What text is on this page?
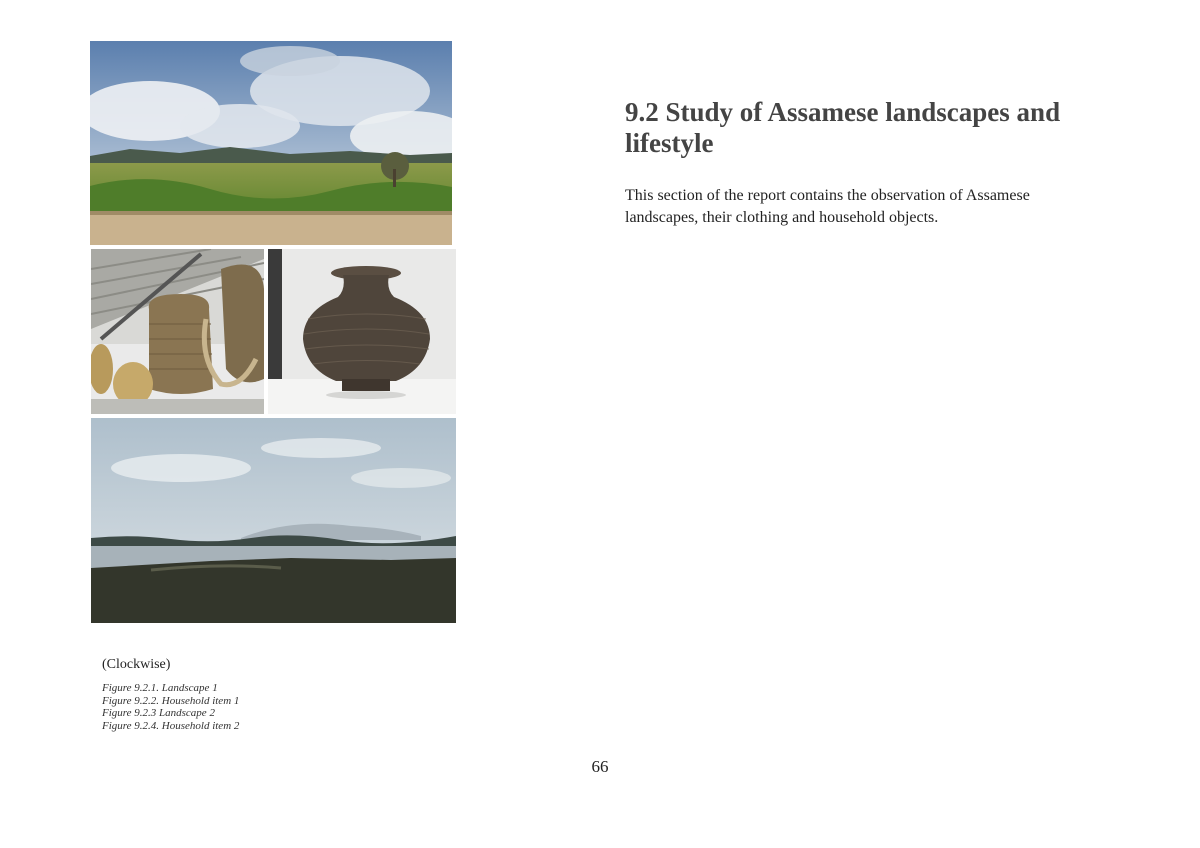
(Clockwise)
Figure 9.2.1. Landscape 1
Figure 9.2.2. Household item 1
Figure 9.2.3 Landscape 2
Figure 9.2.4. Household item 2
9.2 Study of Assamese landscapes and lifestyle

This section of the report contains the observation of Assamese landscapes, their clothing and household objects.

66
